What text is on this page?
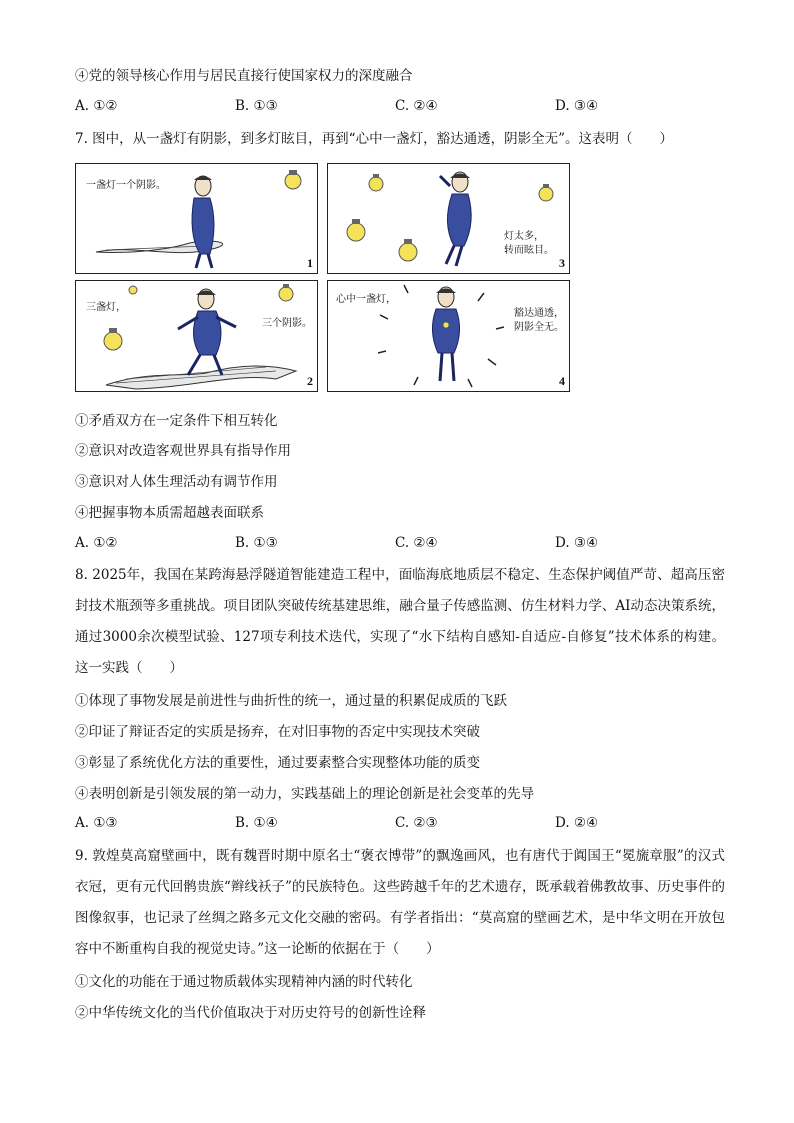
④党的领导核心作用与居民直接行使国家权力的深度融合
A. ①②	B. ①③	C. ②④	D. ③④
7. 图中，从一盏灯有阴影，到多灯眩目，再到“心中一盏灯，豁达通透，阴影全无”。这表明（　　）
一盏灯一个阴影。
1
灯太多，
转而眩目。
3
三盏灯，
三个阴影。
2
心中一盏灯，
豁达通透，
阴影全无。
4
①矛盾双方在一定条件下相互转化
②意识对改造客观世界具有指导作用
③意识对人体生理活动有调节作用
④把握事物本质需超越表面联系
A. ①②	B. ①③	C. ②④	D. ③④
8. 2025年，我国在某跨海悬浮隧道智能建造工程中，面临海底地质层不稳定、生态保护阈值严苛、超高压密封技术瓶颈等多重挑战。项目团队突破传统基建思维，融合量子传感监测、仿生材料力学、AI动态决策系统，通过3000余次模型试验、127项专利技术迭代，实现了“水下结构自感知-自适应-自修复”技术体系的构建。这一实践（　　）
①体现了事物发展是前进性与曲折性的统一，通过量的积累促成质的飞跃
②印证了辩证否定的实质是扬弃，在对旧事物的否定中实现技术突破
③彰显了系统优化方法的重要性，通过要素整合实现整体功能的质变
④表明创新是引领发展的第一动力，实践基础上的理论创新是社会变革的先导
A. ①③	B. ①④	C. ②③	D. ②④
9. 敦煌莫高窟壁画中，既有魏晋时期中原名士“褒衣博带”的飘逸画风，也有唐代于阗国王“冕旒章服”的汉式衣冠，更有元代回鹘贵族“辫线袄子”的民族特色。这些跨越千年的艺术遗存，既承载着佛教故事、历史事件的图像叙事，也记录了丝绸之路多元文化交融的密码。有学者指出：“莫高窟的壁画艺术，是中华文明在开放包容中不断重构自我的视觉史诗。”这一论断的依据在于（　　）
①文化的功能在于通过物质载体实现精神内涵的时代转化
②中华传统文化的当代价值取决于对历史符号的创新性诠释
